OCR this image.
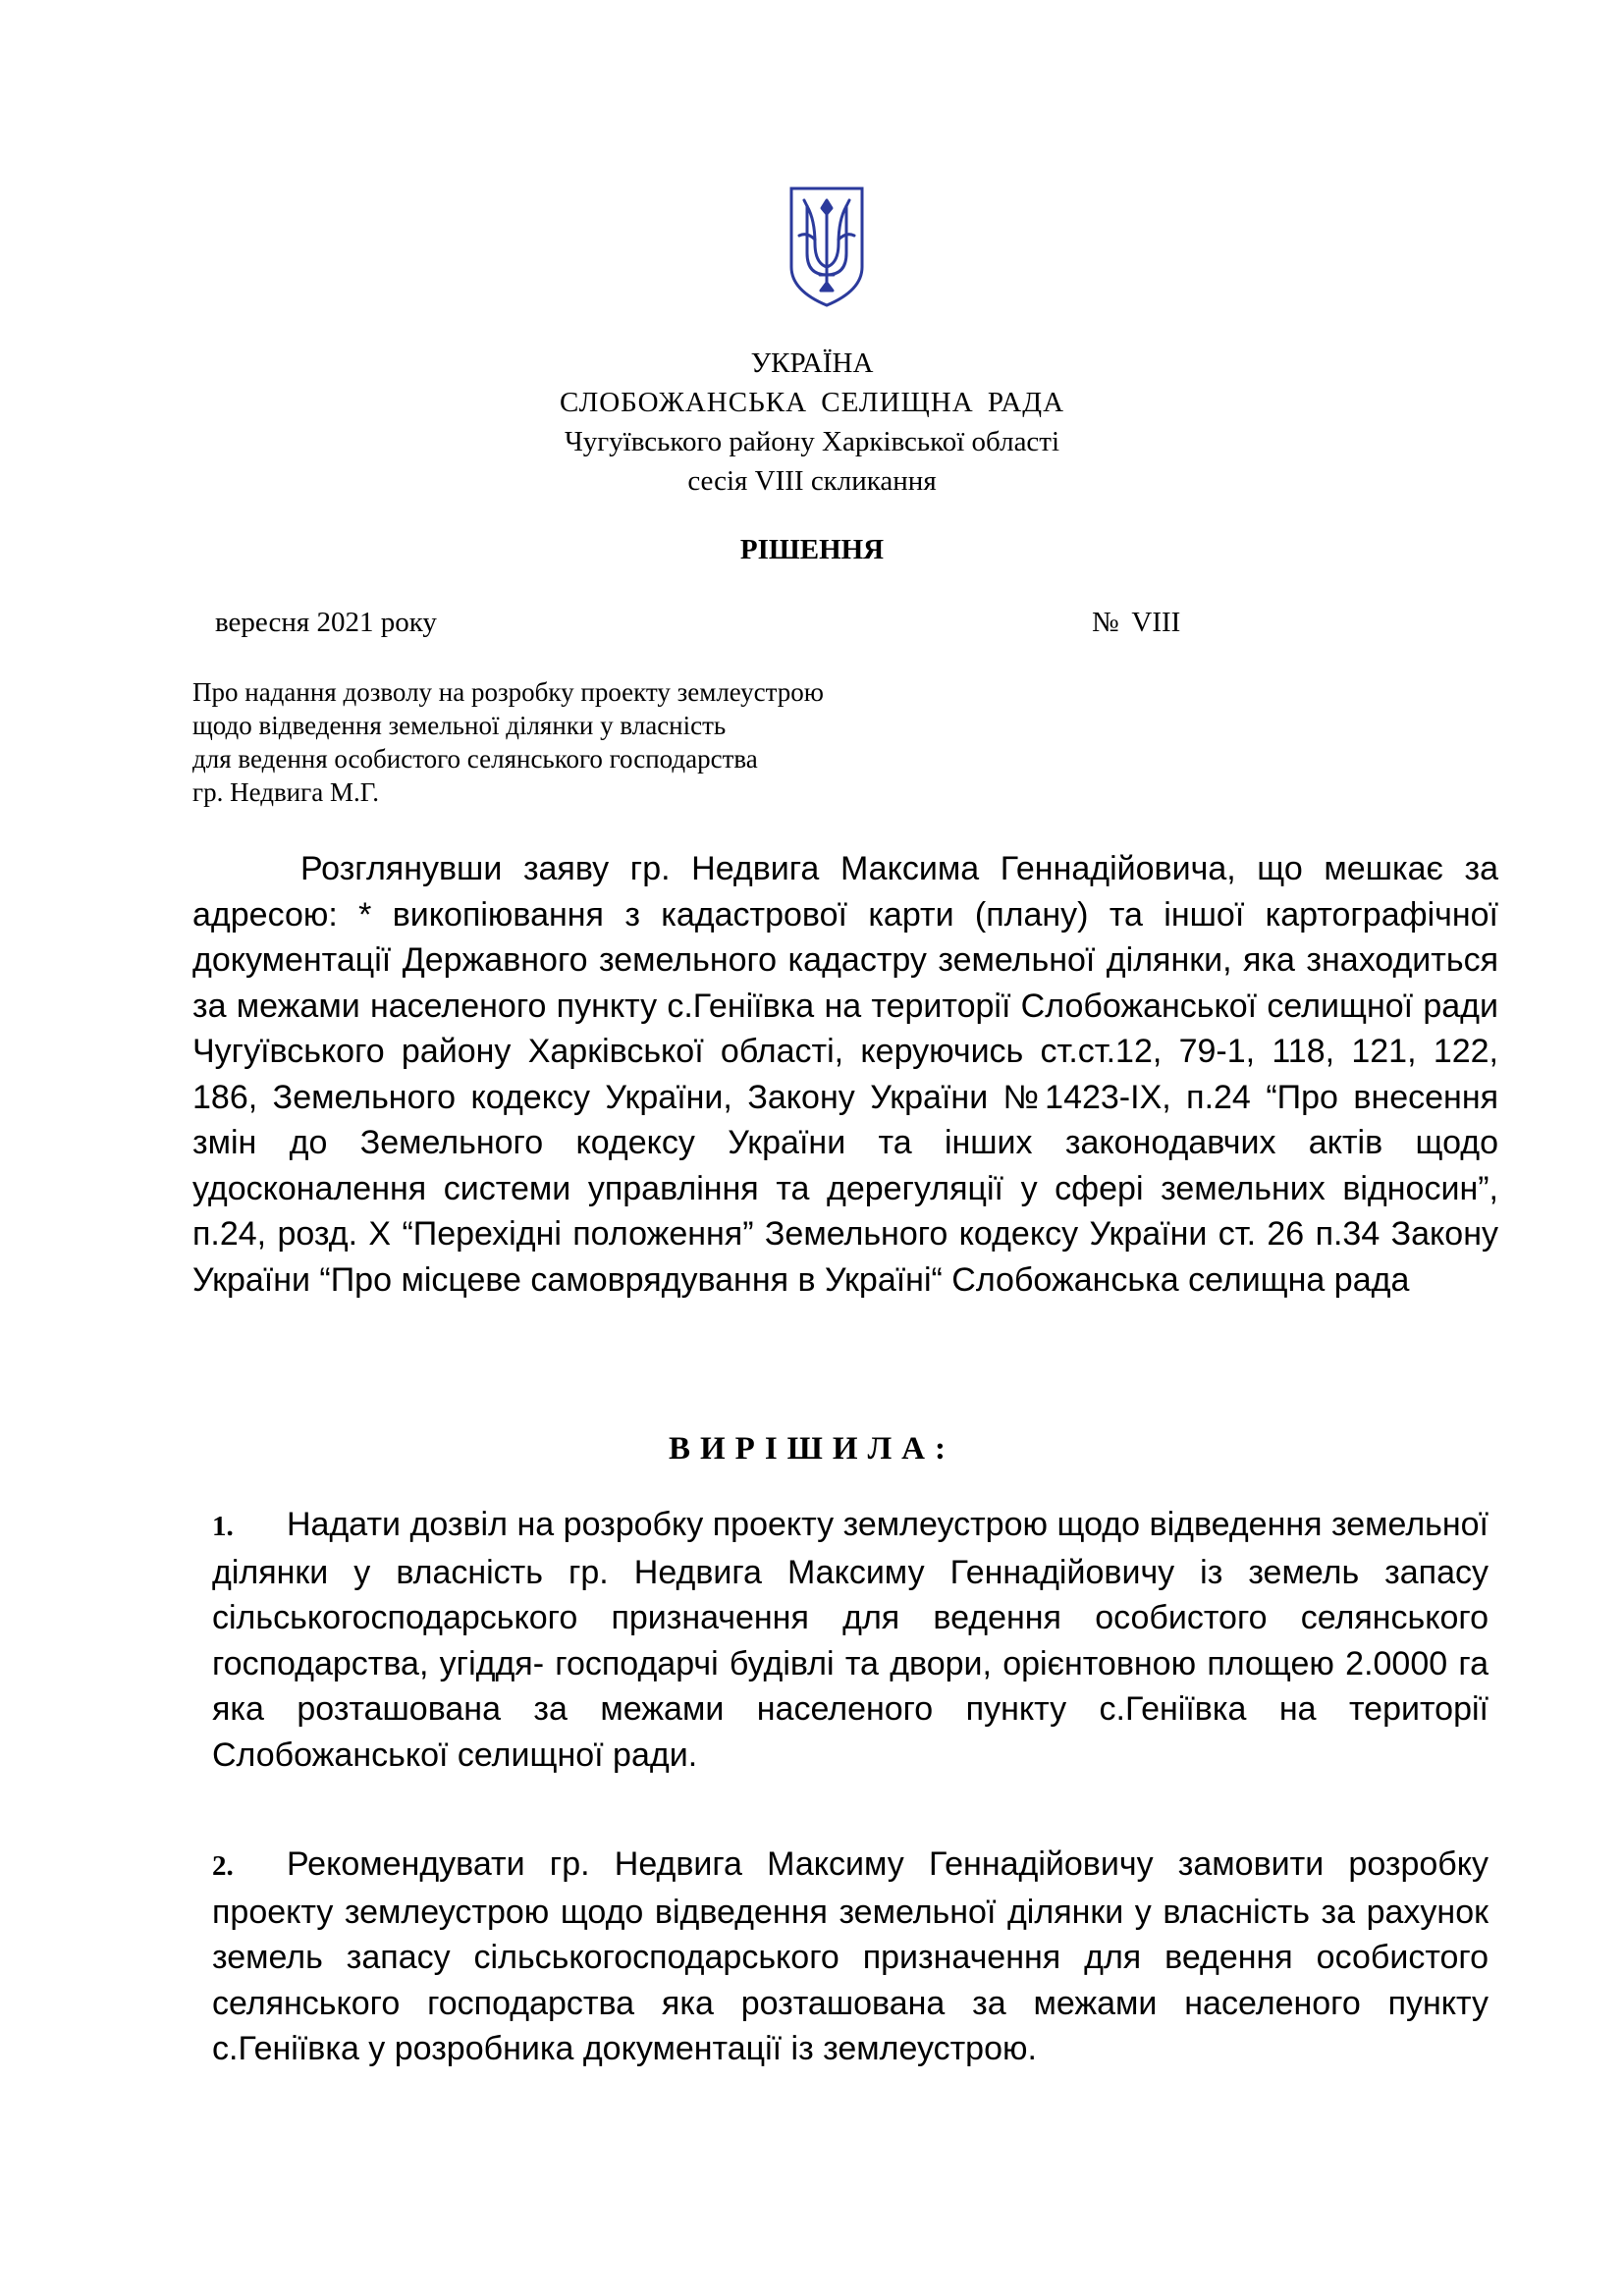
УКРАЇНА
СЛОБОЖАНСЬКА СЕЛИЩНА РАДА
Чугуївського району Харківської області
сесія VIII скликання
РІШЕННЯ
вересня 2021 року	№ VIII
Про надання дозволу на розробку проекту землеустрою
щодо відведення земельної ділянки у власність
для ведення особистого селянського господарства
гр. Недвига М.Г.
Розглянувши заяву гр. Недвига Максима Геннадійовича, що мешкає за адресою: * викопіювання з кадастрової карти (плану) та іншої картографічної документації Державного земельного кадастру земельної ділянки, яка знаходиться за межами населеного пункту с.Геніївка на території Слобожанської селищної ради Чугуївського району Харківської області, керуючись ст.ст.12, 79-1, 118, 121, 122, 186, Земельного кодексу України, Закону України №1423-IX, п.24 “Про внесення змін до Земельного кодексу України та інших законодавчих актів щодо удосконалення системи управління та дерегуляції у сфері земельних відносин”, п.24, розд. Х “Перехідні положення” Земельного кодексу України ст. 26 п.34 Закону України “Про місцеве самоврядування в Україні“ Слобожанська селищна рада
ВИРІШИЛА:
1. Надати дозвіл на розробку проекту землеустрою щодо відведення земельної ділянки у власність гр. Недвига Максиму Геннадійовичу із земель запасу сільськогосподарського призначення для ведення особистого селянського господарства, угіддя- господарчі будівлі та двори, орієнтовною площею 2.0000 га яка розташована за межами населеного пункту с.Геніївка на території Слобожанської селищної ради.
2. Рекомендувати гр. Недвига Максиму Геннадійовичу замовити розробку проекту землеустрою щодо відведення земельної ділянки у власність за рахунок земель запасу сільськогосподарського призначення для ведення особистого селянського господарства яка розташована за межами населеного пункту с.Геніївка у розробника документації із землеустрою.
